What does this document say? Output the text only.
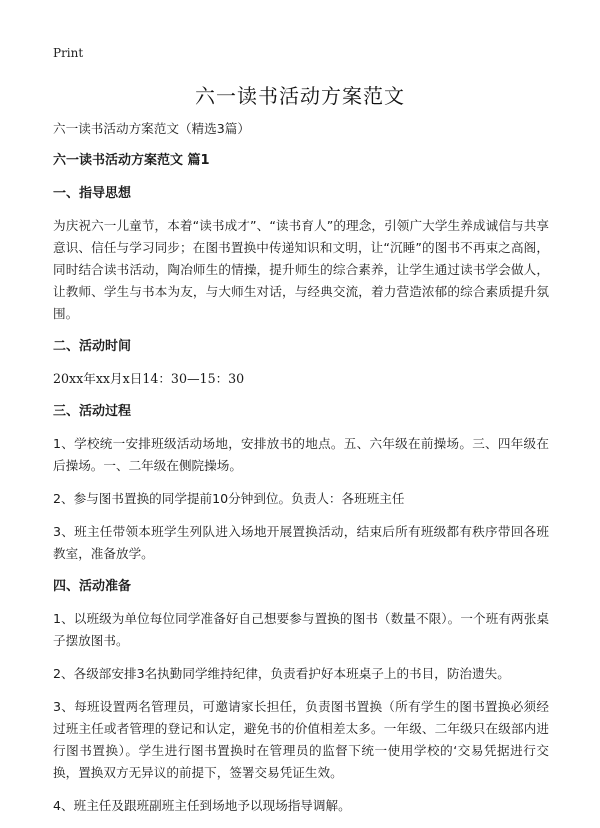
Print
六一读书活动方案范文

六一读书活动方案范文（精选3篇）

六一读书活动方案范文 篇1

一、指导思想

为庆祝六一儿童节，本着“读书成才”、“读书育人”的理念，引领广大学生养成诚信与共享意识、信任与学习同步；在图书置换中传递知识和文明，让“沉睡”的图书不再束之高阁，同时结合读书活动，陶冶师生的情操，提升师生的综合素养，让学生通过读书学会做人，让教师、学生与书本为友，与大师生对话，与经典交流，着力营造浓郁的综合素质提升氛围。

二、活动时间

20xx年xx月x日14：30—15：30

三、活动过程

1、学校统一安排班级活动场地，安排放书的地点。五、六年级在前操场。三、四年级在后操场。一、二年级在侧院操场。

2、参与图书置换的同学提前10分钟到位。负责人：各班班主任

3、班主任带领本班学生列队进入场地开展置换活动，结束后所有班级都有秩序带回各班教室，准备放学。

四、活动准备

1、以班级为单位每位同学准备好自己想要参与置换的图书（数量不限）。一个班有两张桌子摆放图书。

2、各级部安排3名执勤同学维持纪律，负责看护好本班桌子上的书目，防治遗失。

3、每班设置两名管理员，可邀请家长担任，负责图书置换（所有学生的图书置换必须经过班主任或者管理的登记和认定，避免书的价值相差太多。一年级、二年级只在级部内进行图书置换）。学生进行图书置换时在管理员的监督下统一使用学校的‘交易凭据进行交换，置换双方无异议的前提下，签署交易凭证生效。

4、班主任及跟班副班主任到场地予以现场指导调解。
